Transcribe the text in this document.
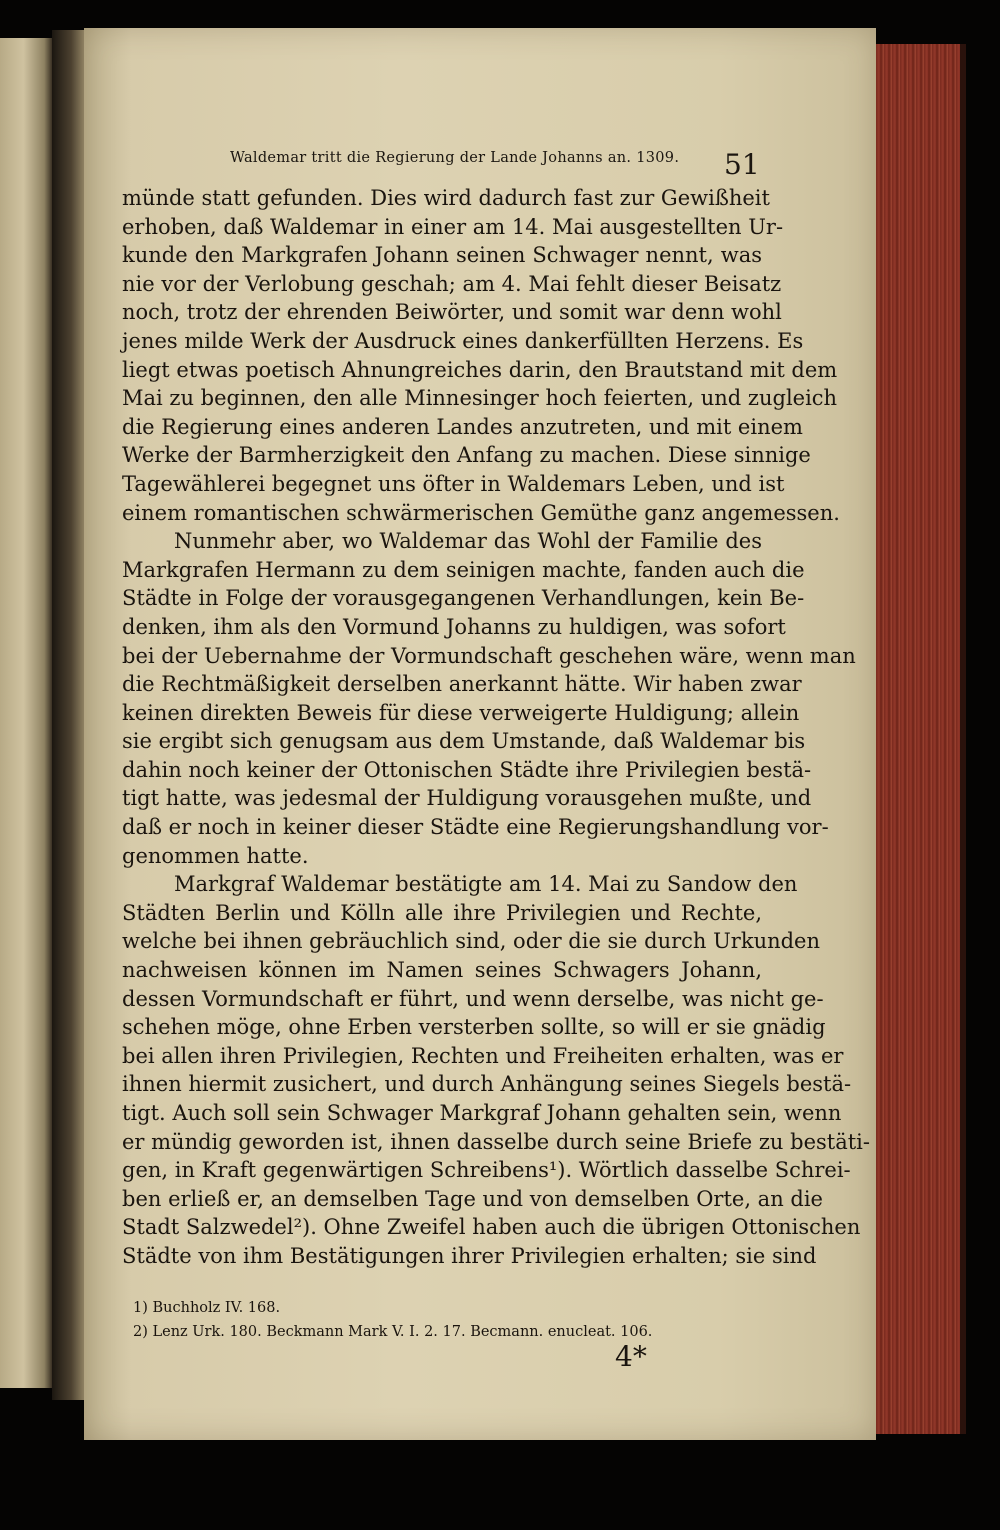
Waldemar tritt die Regierung der Lande Johanns an. 1309.	51
münde statt gefunden. Dies wird dadurch fast zur Gewißheit
erhoben, daß Waldemar in einer am 14. Mai ausgestellten Ur-
kunde den Markgrafen Johann seinen Schwager nennt, was
nie vor der Verlobung geschah; am 4. Mai fehlt dieser Beisatz
noch, trotz der ehrenden Beiwörter, und somit war denn wohl
jenes milde Werk der Ausdruck eines dankerfüllten Herzens. Es
liegt etwas poetisch Ahnungreiches darin, den Brautstand mit dem
Mai zu beginnen, den alle Minnesinger hoch feierten, und zugleich
die Regierung eines anderen Landes anzutreten, und mit einem
Werke der Barmherzigkeit den Anfang zu machen. Diese sinnige
Tagewählerei begegnet uns öfter in Waldemars Leben, und ist
einem romantischen schwärmerischen Gemüthe ganz angemessen.
Nunmehr aber, wo Waldemar das Wohl der Familie des
Markgrafen Hermann zu dem seinigen machte, fanden auch die
Städte in Folge der vorausgegangenen Verhandlungen, kein Be-
denken, ihm als den Vormund Johanns zu huldigen, was sofort
bei der Uebernahme der Vormundschaft geschehen wäre, wenn man
die Rechtmäßigkeit derselben anerkannt hätte. Wir haben zwar
keinen direkten Beweis für diese verweigerte Huldigung; allein
sie ergibt sich genugsam aus dem Umstande, daß Waldemar bis
dahin noch keiner der Ottonischen Städte ihre Privilegien bestä-
tigt hatte, was jedesmal der Huldigung vorausgehen mußte, und
daß er noch in keiner dieser Städte eine Regierungshandlung vor-
genommen hatte.
Markgraf Waldemar bestätigte am 14. Mai zu Sandow den
Städten Berlin und Kölln alle ihre Privilegien und Rechte,
welche bei ihnen gebräuchlich sind, oder die sie durch Urkunden
nachweisen können im Namen seines Schwagers Johann,
dessen Vormundschaft er führt, und wenn derselbe, was nicht ge-
schehen möge, ohne Erben versterben sollte, so will er sie gnädig
bei allen ihren Privilegien, Rechten und Freiheiten erhalten, was er
ihnen hiermit zusichert, und durch Anhängung seines Siegels bestä-
tigt. Auch soll sein Schwager Markgraf Johann gehalten sein, wenn
er mündig geworden ist, ihnen dasselbe durch seine Briefe zu bestäti-
gen, in Kraft gegenwärtigen Schreibens¹). Wörtlich dasselbe Schrei-
ben erließ er, an demselben Tage und von demselben Orte, an die
Stadt Salzwedel²). Ohne Zweifel haben auch die übrigen Ottonischen
Städte von ihm Bestätigungen ihrer Privilegien erhalten; sie sind
1) Buchholz IV. 168.
2) Lenz Urk. 180. Beckmann Mark V. I. 2. 17. Becmann. enucleat. 106.
4*
